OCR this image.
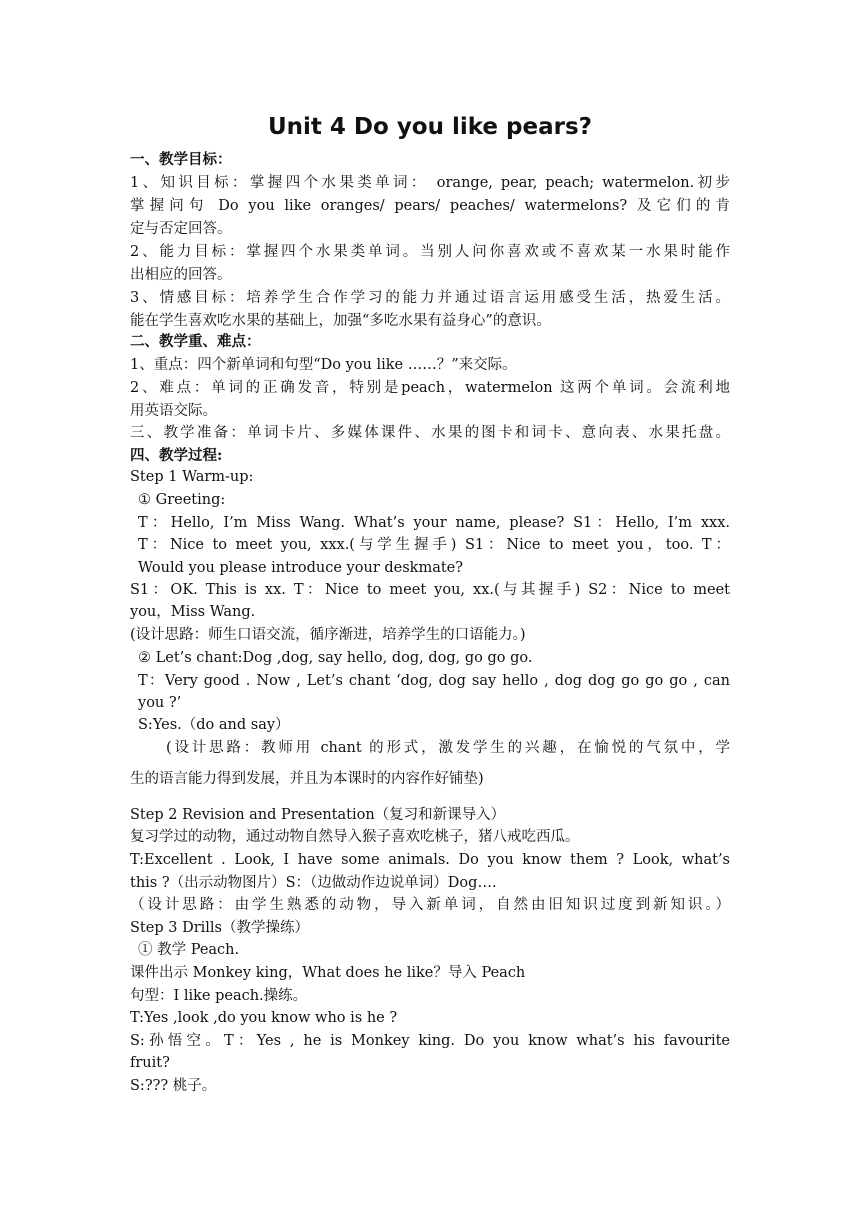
Unit 4 Do you like pears?
一、教学目标：
1、知识目标：掌握四个水果类单词： orange, pear, peach; watermelon.初步
掌握问句 Do you like oranges/ pears/ peaches/ watermelons? 及它们的肯
定与否定回答。
2、能力目标：掌握四个水果类单词。当别人问你喜欢或不喜欢某一水果时能作
出相应的回答。
3、情感目标：培养学生合作学习的能力并通过语言运用感受生活，热爱生活。
能在学生喜欢吃水果的基础上，加强“多吃水果有益身心”的意识。
二、教学重、难点：
1、重点：四个新单词和句型“Do you like ……？”来交际。
2、难点：单词的正确发音，特别是peach，watermelon 这两个单词。会流利地
用英语交际。
三、教学准备：单词卡片、多媒体课件、水果的图卡和词卡、意向表、水果托盘。
四、教学过程:
Step 1 Warm-up:
① Greeting:
T：Hello, I’m Miss Wang. What’s your name, please? S1：Hello, I’m xxx.
T：Nice to meet you, xxx.(与学生握手) S1：Nice to meet you，too. T：
Would you please introduce your deskmate?
S1：OK. This is xx. T：Nice to meet you, xx.(与其握手) S2：Nice to meet
you，Miss Wang.
(设计思路：师生口语交流，循序渐进，培养学生的口语能力。)
② Let’s chant:Dog ,dog, say hello, dog, dog, go go go.
T：Very good . Now , Let’s chant ‘dog, dog say hello , dog dog go go go , can
you ?’
S:Yes.（do and say）
(设计思路：教师用 chant 的形式，激发学生的兴趣，在愉悦的气氛中，学
生的语言能力得到发展，并且为本课时的内容作好铺垫)
Step 2 Revision and Presentation（复习和新课导入）
复习学过的动物，通过动物自然导入猴子喜欢吃桃子，猪八戒吃西瓜。
T:Excellent . Look, I have some animals. Do you know them ? Look, what’s
this ?（出示动物图片）S：（边做动作边说单词）Dog….
（设计思路：由学生熟悉的动物，导入新单词，自然由旧知识过度到新知识。）
Step 3 Drills（教学操练）
① 教学 Peach.
课件出示 Monkey king，What does he like？导入 Peach
句型：I like peach.操练。
T:Yes ,look ,do you know who is he ?
S:孙悟空。T：Yes , he is Monkey king. Do you know what’s his favourite
fruit?
S:??? 桃子。
